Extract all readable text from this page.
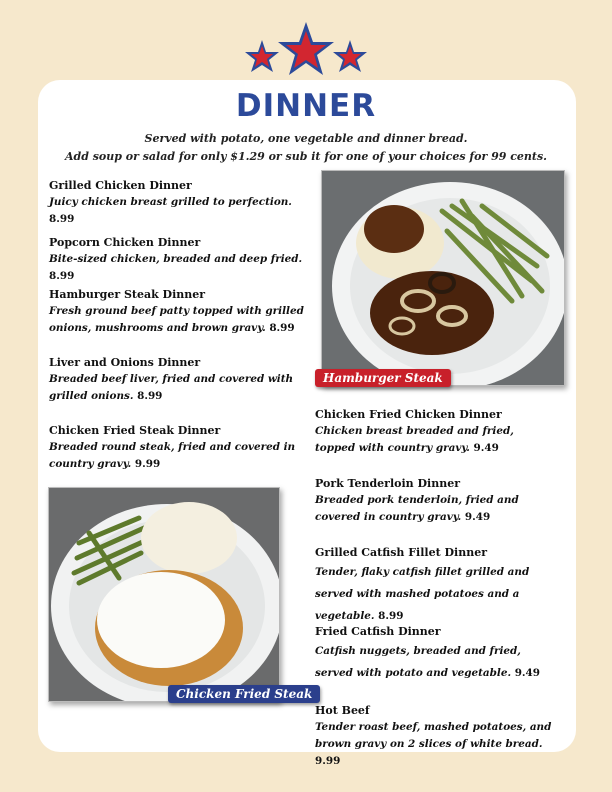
DINNER
Served with potato, one vegetable and dinner bread.
Add soup or salad for only $1.29 or sub it for one of your choices for 99 cents.
Grilled Chicken Dinner
Juicy chicken breast grilled to perfection. 8.99
Popcorn Chicken Dinner
Bite-sized chicken, breaded and deep fried. 8.99
Hamburger Steak Dinner
Fresh ground beef patty topped with grilled onions, mushrooms and brown gravy. 8.99
Liver and Onions Dinner
Breaded beef liver, fried and covered with grilled onions. 8.99
Chicken Fried Steak Dinner
Breaded round steak, fried and covered in country gravy. 9.99
Chicken Fried Chicken Dinner
Chicken breast breaded and fried, topped with country gravy. 9.49
Pork Tenderloin Dinner
Breaded pork tenderloin, fried and covered in country gravy. 9.49
Grilled Catfish Fillet Dinner
Tender, flaky catfish fillet grilled and served with mashed potatoes and a vegetable. 8.99
Fried Catfish Dinner
Catfish nuggets, breaded and fried, served with potato and vegetable. 9.49
Hot Beef
Tender roast beef, mashed potatoes, and brown gravy on 2 slices of white bread. 9.99
Hamburger Steak
Chicken Fried Steak
